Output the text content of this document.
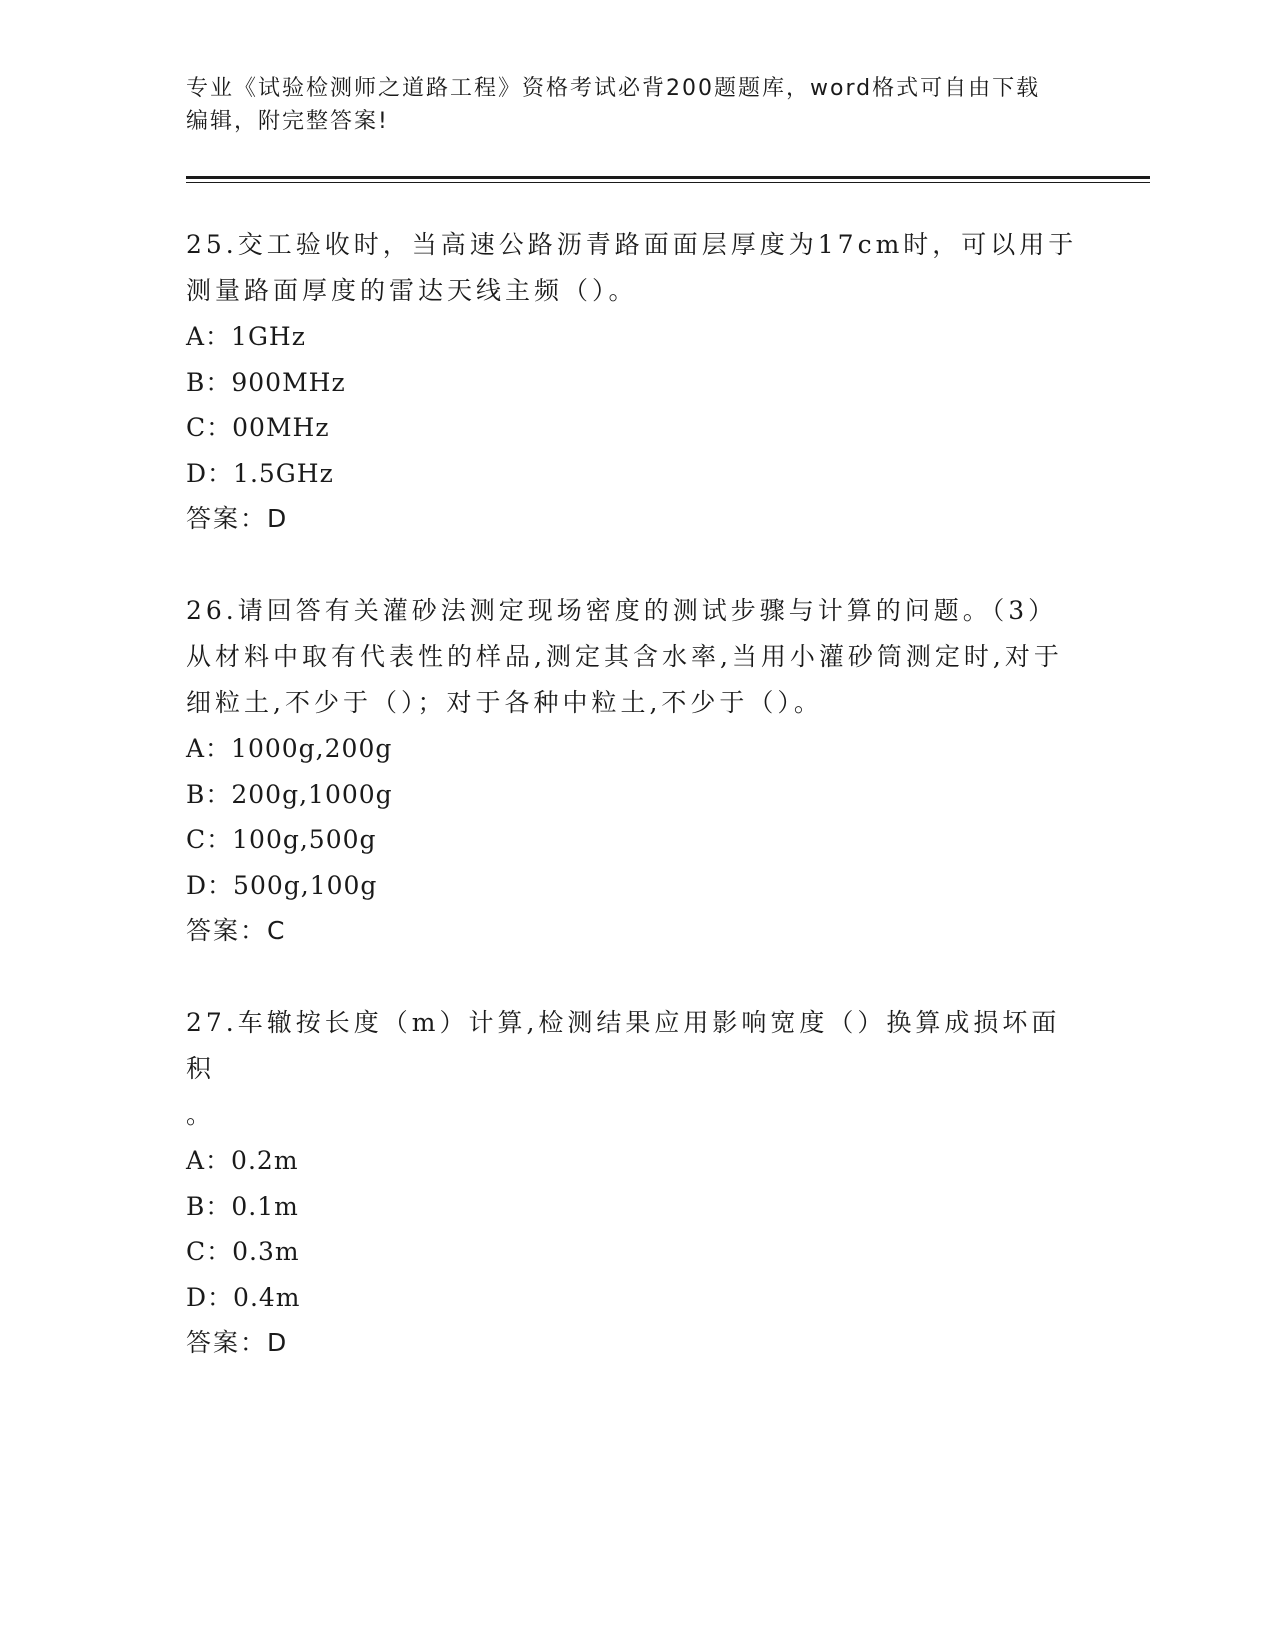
专业《试验检测师之道路工程》资格考试必背200题题库，word格式可自由下载
编辑，附完整答案!

25.交工验收时，当高速公路沥青路面面层厚度为17cm时，可以用于

测量路面厚度的雷达天线主频（）。

A：1GHz

B：900MHz

C：00MHz

D：1.5GHz

答案：D

26.请回答有关灌砂法测定现场密度的测试步骤与计算的问题。（3）

从材料中取有代表性的样品,测定其含水率,当用小灌砂筒测定时,对于

细粒土,不少于（）；对于各种中粒土,不少于（）。

A：1000g,200g

B：200g,1000g

C：100g,500g

D：500g,100g

答案：C

27.车辙按长度（m）计算,检测结果应用影响宽度（）换算成损坏面积

。

A：0.2m

B：0.1m

C：0.3m

D：0.4m

答案：D
